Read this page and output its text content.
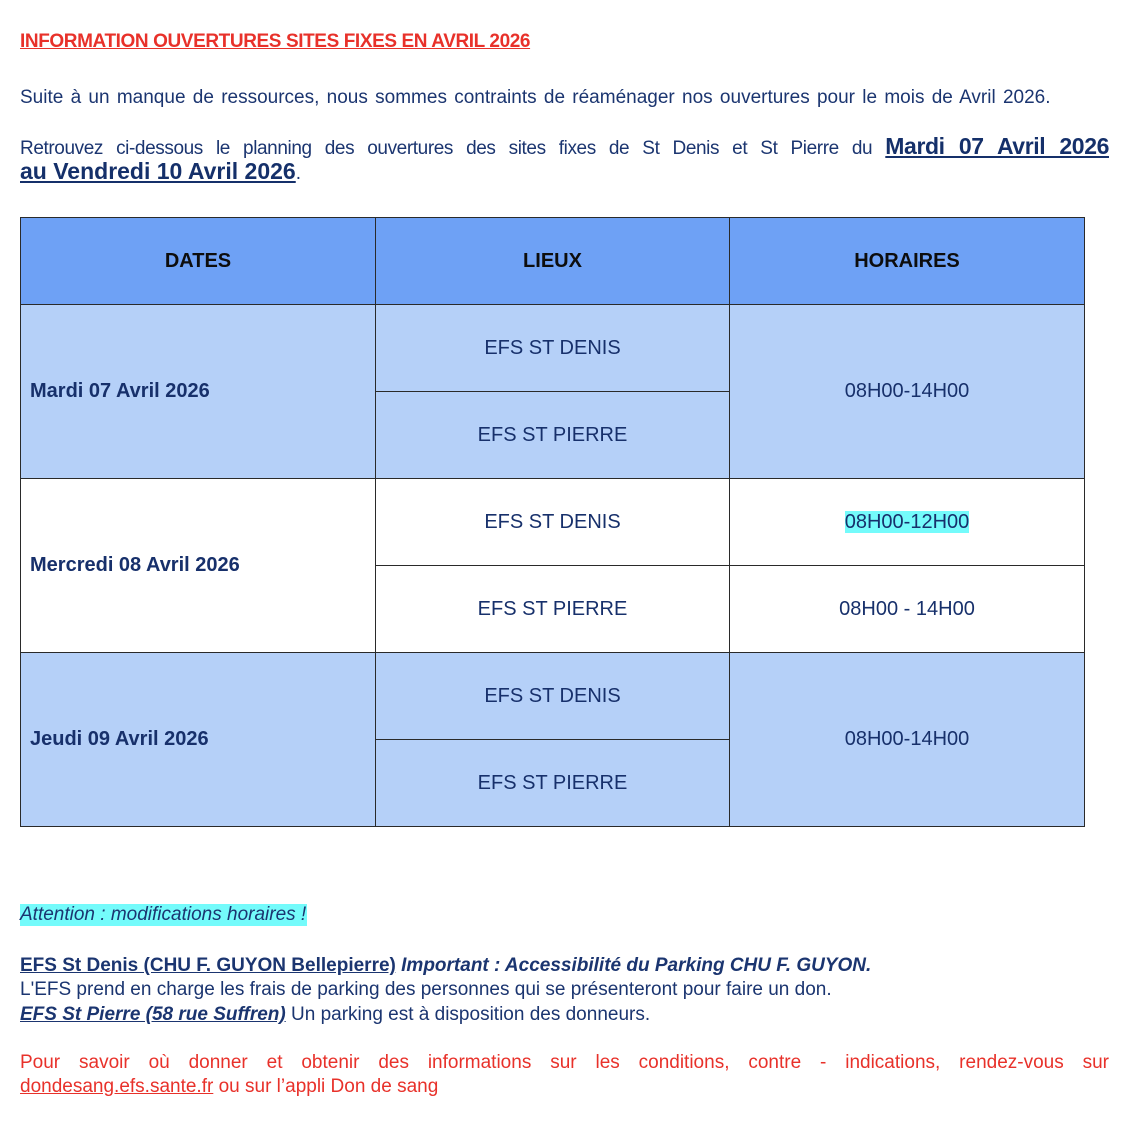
INFORMATION OUVERTURES SITES FIXES EN AVRIL 2026
Suite à un manque de ressources, nous sommes contraints de réaménager nos ouvertures pour le mois de Avril 2026.
Retrouvez ci-dessous le planning des ouvertures des sites fixes de St Denis et St Pierre du Mardi 07 Avril 2026
au Vendredi 10 Avril 2026.
DATES	LIEUX	HORAIRES
Mardi 07 Avril 2026	EFS ST DENIS	08H00-14H00
	EFS ST PIERRE	
Mercredi 08 Avril 2026	EFS ST DENIS	08H00-12H00
	EFS ST PIERRE	08H00 - 14H00
Jeudi 09 Avril 2026	EFS ST DENIS	08H00-14H00
	EFS ST PIERRE	
Attention : modifications horaires !
EFS St Denis (CHU F. GUYON Bellepierre) Important : Accessibilité du Parking CHU F. GUYON.
L'EFS prend en charge les frais de parking des personnes qui se présenteront pour faire un don.
EFS St Pierre (58 rue Suffren) Un parking est à disposition des donneurs.
Pour savoir où donner et obtenir des informations sur les conditions, contre - indications, rendez-vous sur
dondesang.efs.sante.fr ou sur l’appli Don de sang
